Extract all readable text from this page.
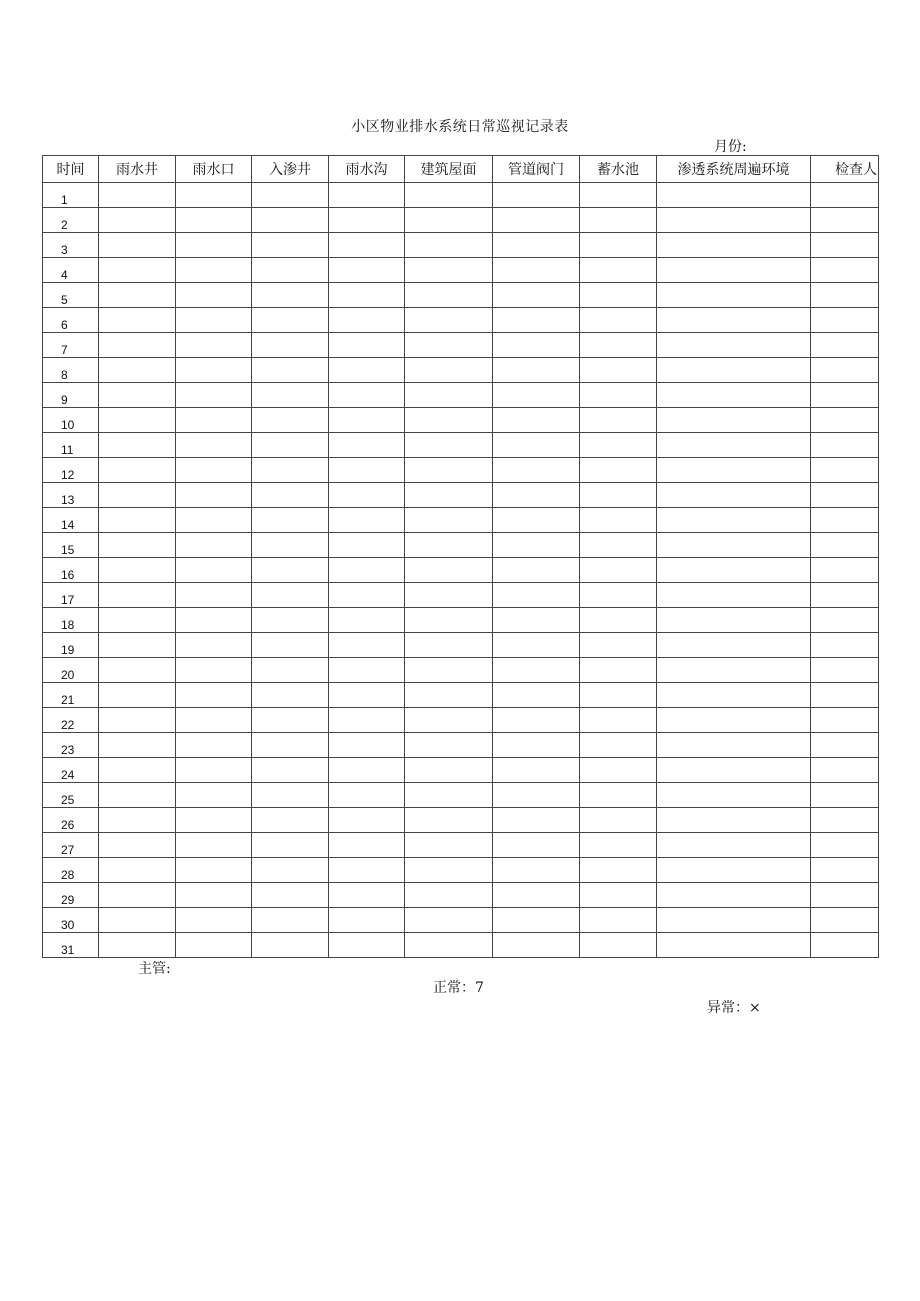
小区物业排水系统日常巡视记录表
月份:
时间	雨水井	雨水口	入渗井	雨水沟	建筑屋面	管道阀门	蓄水池	渗透系统周遍环境	检查人
1									
2									
3									
4									
5									
6									
7									
8									
9									
10									
11									
12									
13									
14									
15									
16									
17									
18									
19									
20									
21									
22									
23									
24									
25									
26									
27									
28									
29									
30									
31									
主管:
正常：7
异常：×
